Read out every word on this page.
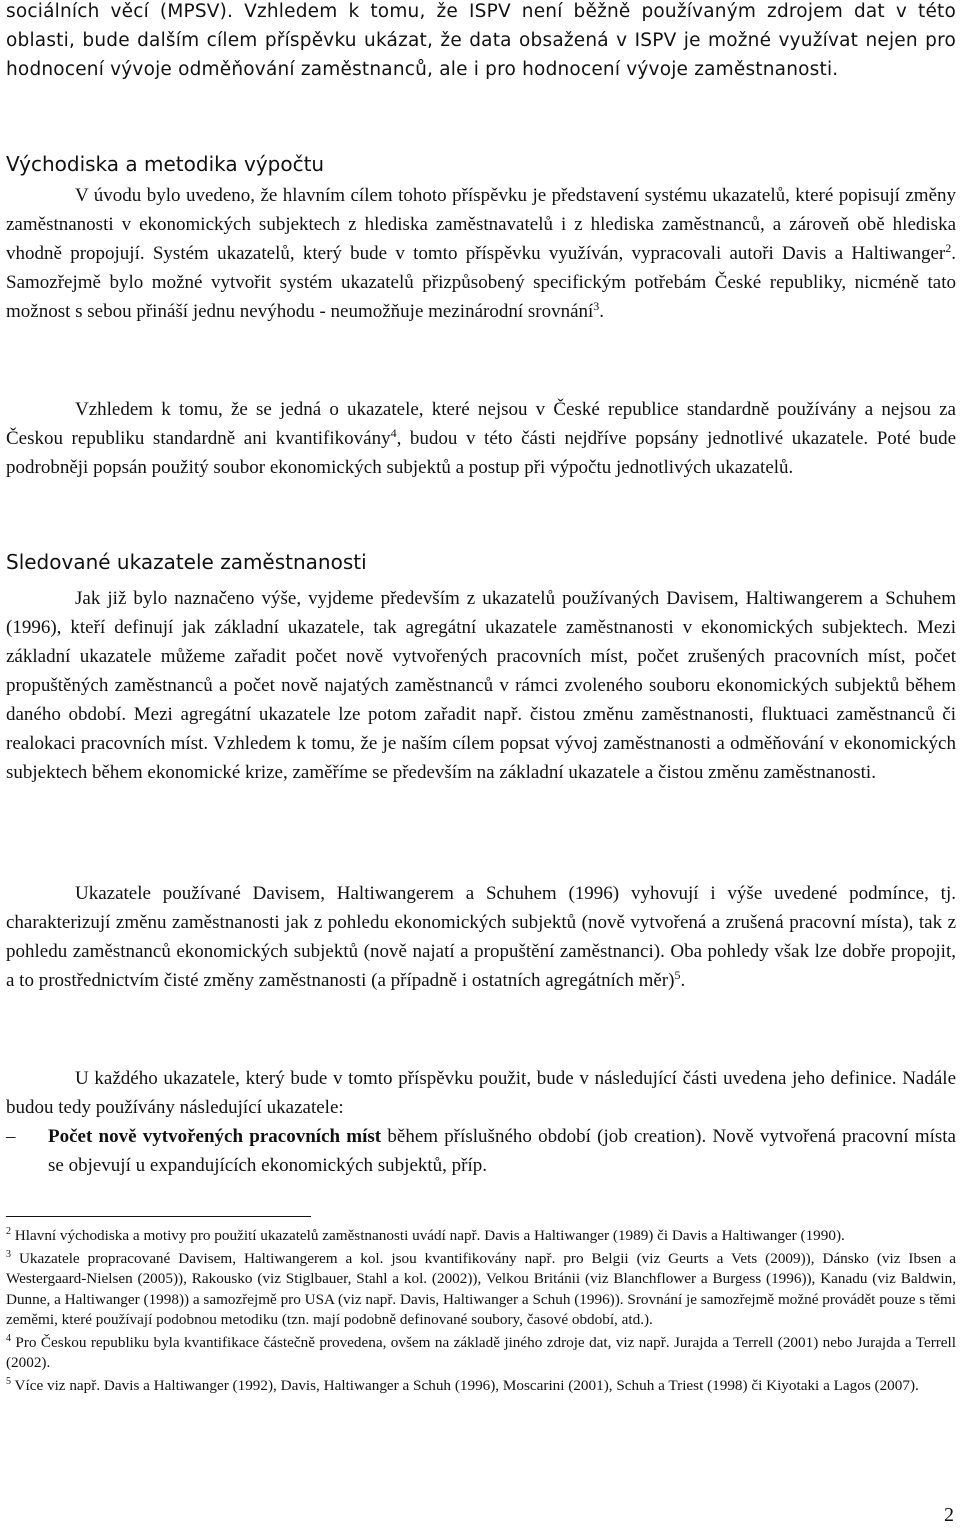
sociálních věcí (MPSV). Vzhledem k tomu, že ISPV není běžně používaným zdrojem dat v této oblasti, bude dalším cílem příspěvku ukázat, že data obsažená v ISPV je možné využívat nejen pro hodnocení vývoje odměňování zaměstnanců, ale i pro hodnocení vývoje zaměstnanosti.

Východiska a metodika výpočtu

V úvodu bylo uvedeno, že hlavním cílem tohoto příspěvku je představení systému ukazatelů, které popisují změny zaměstnanosti v ekonomických subjektech z hlediska zaměstnavatelů i z hlediska zaměstnanců, a zároveň obě hlediska vhodně propojují. Systém ukazatelů, který bude v tomto příspěvku využíván, vypracovali autoři Davis a Haltiwanger$^2$. Samozřejmě bylo možné vytvořit systém ukazatelů přizpůsobený specifickým potřebám České republiky, nicméně tato možnost s sebou přináší jednu nevýhodu - neumožňuje mezinárodní srovnání$^3$.

Vzhledem k tomu, že se jedná o ukazatele, které nejsou v České republice standardně používány a nejsou za Českou republiku standardně ani kvantifikovány$^4$, budou v této části nejdříve popsány jednotlivé ukazatele. Poté bude podrobněji popsán použitý soubor ekonomických subjektů a postup při výpočtu jednotlivých ukazatelů.

Sledované ukazatele zaměstnanosti

Jak již bylo naznačeno výše, vyjdeme především z ukazatelů používaných Davisem, Haltiwangerem a Schuhem (1996), kteří definují jak základní ukazatele, tak agregátní ukazatele zaměstnanosti v ekonomických subjektech. Mezi základní ukazatele můžeme zařadit počet nově vytvořených pracovních míst, počet zrušených pracovních míst, počet propuštěných zaměstnanců a počet nově najatých zaměstnanců v rámci zvoleného souboru ekonomických subjektů během daného období. Mezi agregátní ukazatele lze potom zařadit např. čistou změnu zaměstnanosti, fluktuaci zaměstnanců či realokaci pracovních míst. Vzhledem k tomu, že je naším cílem popsat vývoj zaměstnanosti a odměňování v ekonomických subjektech během ekonomické krize, zaměříme se především na základní ukazatele a čistou změnu zaměstnanosti.

Ukazatele používané Davisem, Haltiwangerem a Schuhem (1996) vyhovují i výše uvedené podmínce, tj. charakterizují změnu zaměstnanosti jak z pohledu ekonomických subjektů (nově vytvořená a zrušená pracovní místa), tak z pohledu zaměstnanců ekonomických subjektů (nově najatí a propuštění zaměstnanci). Oba pohledy však lze dobře propojit, a to prostřednictvím čisté změny zaměstnanosti (a případně i ostatních agregátních měr)$^5$.

U každého ukazatele, který bude v tomto příspěvku použit, bude v následující části uvedena jeho definice. Nadále budou tedy používány následující ukazatele:

– Počet nově vytvořených pracovních míst během příslušného období (job creation). Nově vytvořená pracovní místa se objevují u expandujících ekonomických subjektů, příp.

$^2$ Hlavní východiska a motivy pro použití ukazatelů zaměstnanosti uvádí např. Davis a Haltiwanger (1989) či Davis a Haltiwanger (1990).

$^3$ Ukazatele propracované Davisem, Haltiwangerem a kol. jsou kvantifikovány např. pro Belgii (viz Geurts a Vets (2009)), Dánsko (viz Ibsen a Westergaard-Nielsen (2005)), Rakousko (viz Stiglbauer, Stahl a kol. (2002)), Velkou Británii (viz Blanchflower a Burgess (1996)), Kanadu (viz Baldwin, Dunne, a Haltiwanger (1998)) a samozřejmě pro USA (viz např. Davis, Haltiwanger a Schuh (1996)). Srovnání je samozřejmě možné provádět pouze s těmi zeměmi, které používají podobnou metodiku (tzn. mají podobně definované soubory, časové období, atd.).

$^4$ Pro Českou republiku byla kvantifikace částečně provedena, ovšem na základě jiného zdroje dat, viz např. Jurajda a Terrell (2001) nebo Jurajda a Terrell (2002).

$^5$ Více viz např. Davis a Haltiwanger (1992), Davis, Haltiwanger a Schuh (1996), Moscarini (2001), Schuh a Triest (1998) či Kiyotaki a Lagos (2007).

2
